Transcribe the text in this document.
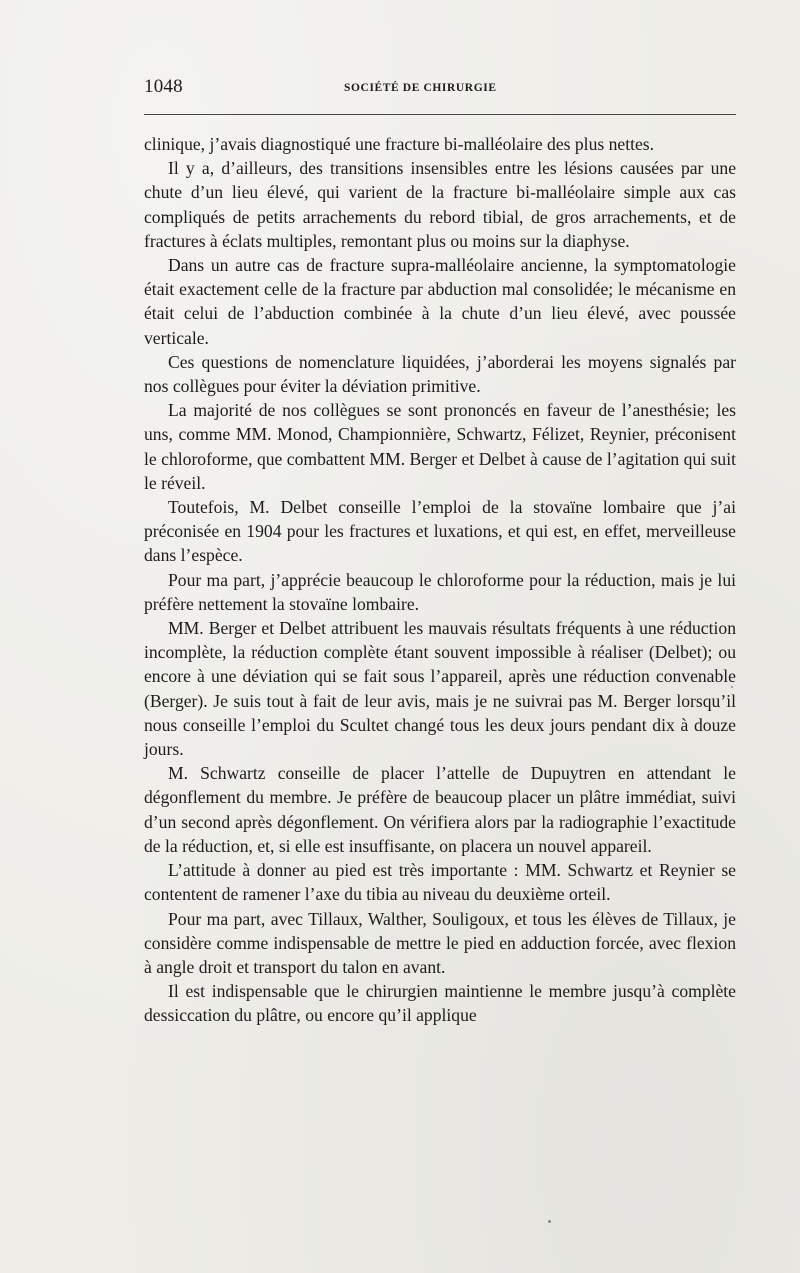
1048	SOCIÉTÉ DE CHIRURGIE

clinique, j’avais diagnostiqué une fracture bi-malléolaire des plus nettes.

Il y a, d’ailleurs, des transitions insensibles entre les lésions causées par une chute d’un lieu élevé, qui varient de la fracture bi-malléolaire simple aux cas compliqués de petits arrachements du rebord tibial, de gros arrachements, et de fractures à éclats multiples, remontant plus ou moins sur la diaphyse.

Dans un autre cas de fracture supra-malléolaire ancienne, la symptomatologie était exactement celle de la fracture par abduction mal consolidée; le mécanisme en était celui de l’abduction combinée à la chute d’un lieu élevé, avec poussée verticale.

Ces questions de nomenclature liquidées, j’aborderai les moyens signalés par nos collègues pour éviter la déviation primitive.

La majorité de nos collègues se sont prononcés en faveur de l’anesthésie; les uns, comme MM. Monod, Championnière, Schwartz, Félizet, Reynier, préconisent le chloroforme, que combattent MM. Berger et Delbet à cause de l’agitation qui suit le réveil.

Toutefois, M. Delbet conseille l’emploi de la stovaïne lombaire que j’ai préconisée en 1904 pour les fractures et luxations, et qui est, en effet, merveilleuse dans l’espèce.

Pour ma part, j’apprécie beaucoup le chloroforme pour la réduction, mais je lui préfère nettement la stovaïne lombaire.

MM. Berger et Delbet attribuent les mauvais résultats fréquents à une réduction incomplète, la réduction complète étant souvent impossible à réaliser (Delbet); ou encore à une déviation qui se fait sous l’appareil, après une réduction convenable (Berger). Je suis tout à fait de leur avis, mais je ne suivrai pas M. Berger lorsqu’il nous conseille l’emploi du Scultet changé tous les deux jours pendant dix à douze jours.

M. Schwartz conseille de placer l’attelle de Dupuytren en attendant le dégonflement du membre. Je préfère de beaucoup placer un plâtre immédiat, suivi d’un second après dégonflement. On vérifiera alors par la radiographie l’exactitude de la réduction, et, si elle est insuffisante, on placera un nouvel appareil.

L’attitude à donner au pied est très importante : MM. Schwartz et Reynier se contentent de ramener l’axe du tibia au niveau du deuxième orteil.

Pour ma part, avec Tillaux, Walther, Souligoux, et tous les élèves de Tillaux, je considère comme indispensable de mettre le pied en adduction forcée, avec flexion à angle droit et transport du talon en avant.

Il est indispensable que le chirurgien maintienne le membre jusqu’à complète dessiccation du plâtre, ou encore qu’il applique
